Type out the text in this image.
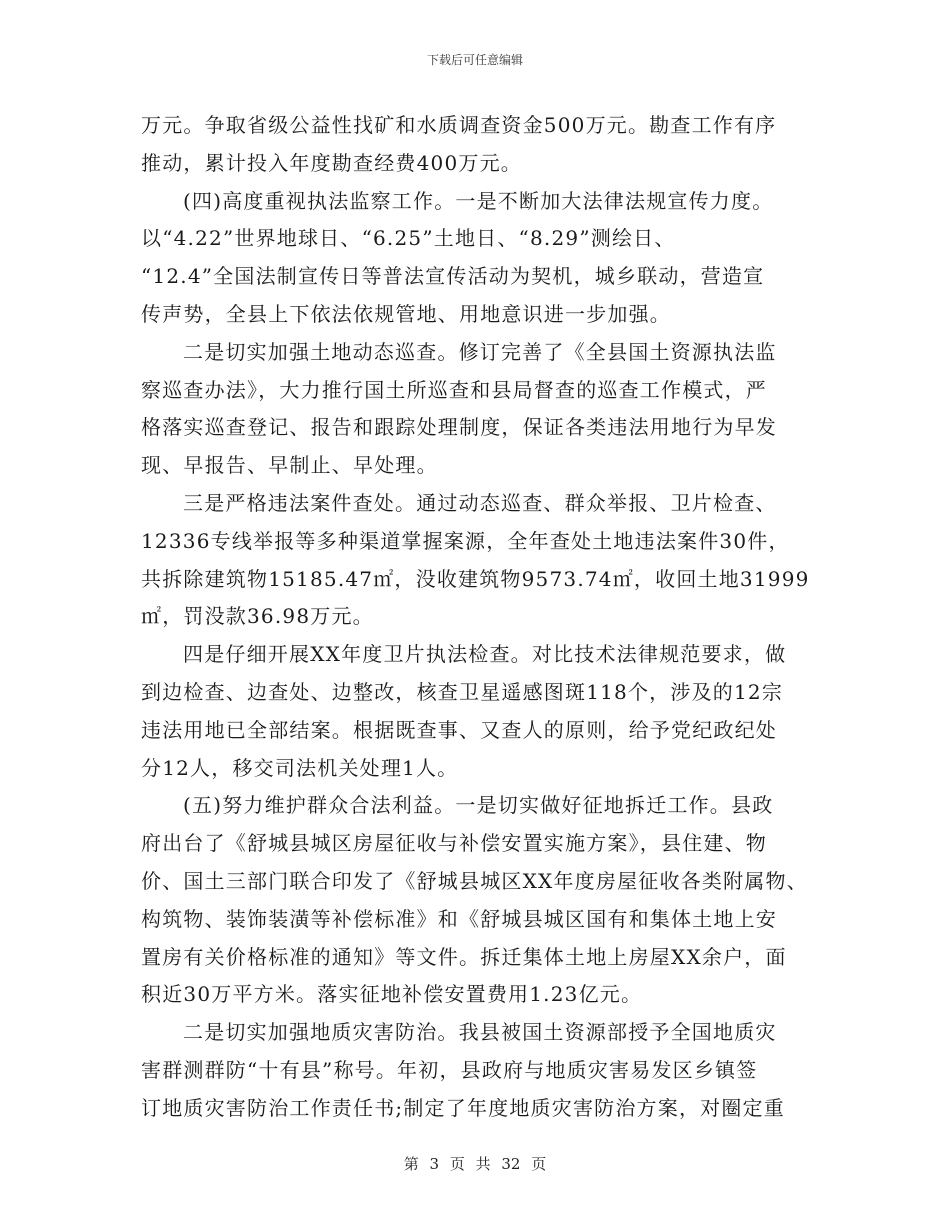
下载后可任意编辑
万元。争取省级公益性找矿和水质调查资金500万元。勘查工作有序
推动，累计投入年度勘查经费400万元。
(四)高度重视执法监察工作。一是不断加大法律法规宣传力度。
以“4.22”世界地球日、“6.25”土地日、“8.29”测绘日、
“12.4”全国法制宣传日等普法宣传活动为契机，城乡联动，营造宣
传声势，全县上下依法依规管地、用地意识进一步加强。
二是切实加强土地动态巡查。修订完善了《全县国土资源执法监
察巡查办法》，大力推行国土所巡查和县局督查的巡查工作模式，严
格落实巡查登记、报告和跟踪处理制度，保证各类违法用地行为早发
现、早报告、早制止、早处理。
三是严格违法案件查处。通过动态巡查、群众举报、卫片检查、
12336专线举报等多种渠道掌握案源，全年查处土地违法案件30件，
共拆除建筑物15185.47㎡，没收建筑物9573.74㎡，收回土地31999
㎡，罚没款36.98万元。
四是仔细开展XX年度卫片执法检查。对比技术法律规范要求，做
到边检查、边查处、边整改，核查卫星遥感图斑118个，涉及的12宗
违法用地已全部结案。根据既查事、又查人的原则，给予党纪政纪处
分12人，移交司法机关处理1人。
(五)努力维护群众合法利益。一是切实做好征地拆迁工作。县政
府出台了《舒城县城区房屋征收与补偿安置实施方案》，县住建、物
价、国土三部门联合印发了《舒城县城区XX年度房屋征收各类附属物、
构筑物、装饰装潢等补偿标准》和《舒城县城区国有和集体土地上安
置房有关价格标准的通知》等文件。拆迁集体土地上房屋XX余户，面
积近30万平方米。落实征地补偿安置费用1.23亿元。
二是切实加强地质灾害防治。我县被国土资源部授予全国地质灾
害群测群防“十有县”称号。年初，县政府与地质灾害易发区乡镇签
订地质灾害防治工作责任书;制定了年度地质灾害防治方案，对圈定重
第 3 页 共 32 页
